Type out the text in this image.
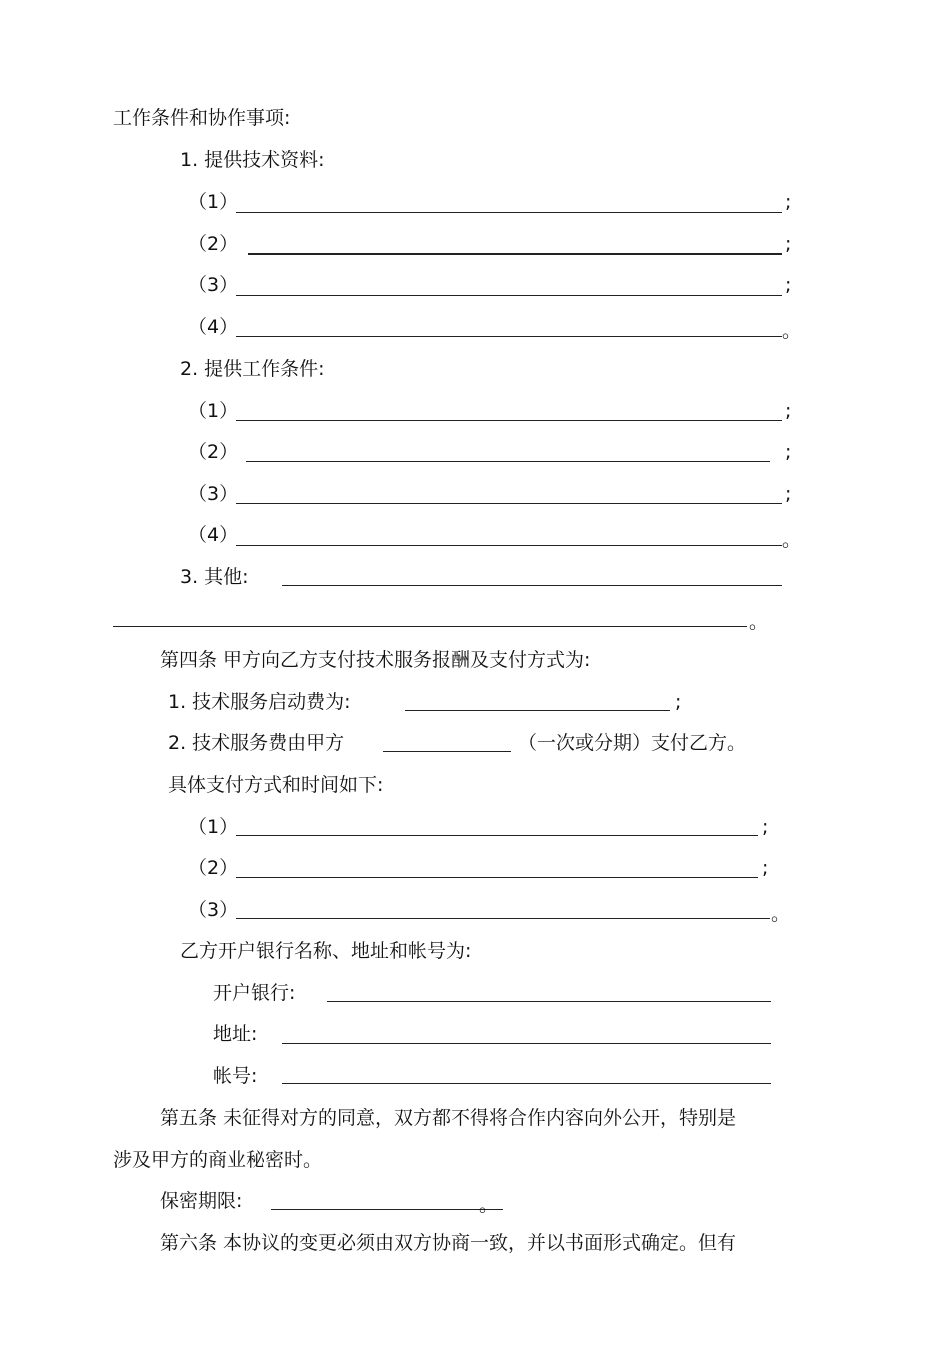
工作条件和协作事项:
1. 提供技术资料:
（1）	;
（2）	;
（3）	;
（4）	。
2. 提供工作条件:
（1）	;
（2）	;
（3）	;
（4）	。
3. 其他:
。
第四条 甲方向乙方支付技术服务报酬及支付方式为:
1. 技术服务启动费为:	;
2. 技术服务费由甲方	（一次或分期）支付乙方。
具体支付方式和时间如下:
（1）	;
（2）	;
（3）	。
乙方开户银行名称、地址和帐号为:
开户银行:
地址:
帐号:
第五条 未征得对方的同意，双方都不得将合作内容向外公开，特别是
涉及甲方的商业秘密时。
保密期限:	。
第六条 本协议的变更必须由双方协商一致，并以书面形式确定。但有
